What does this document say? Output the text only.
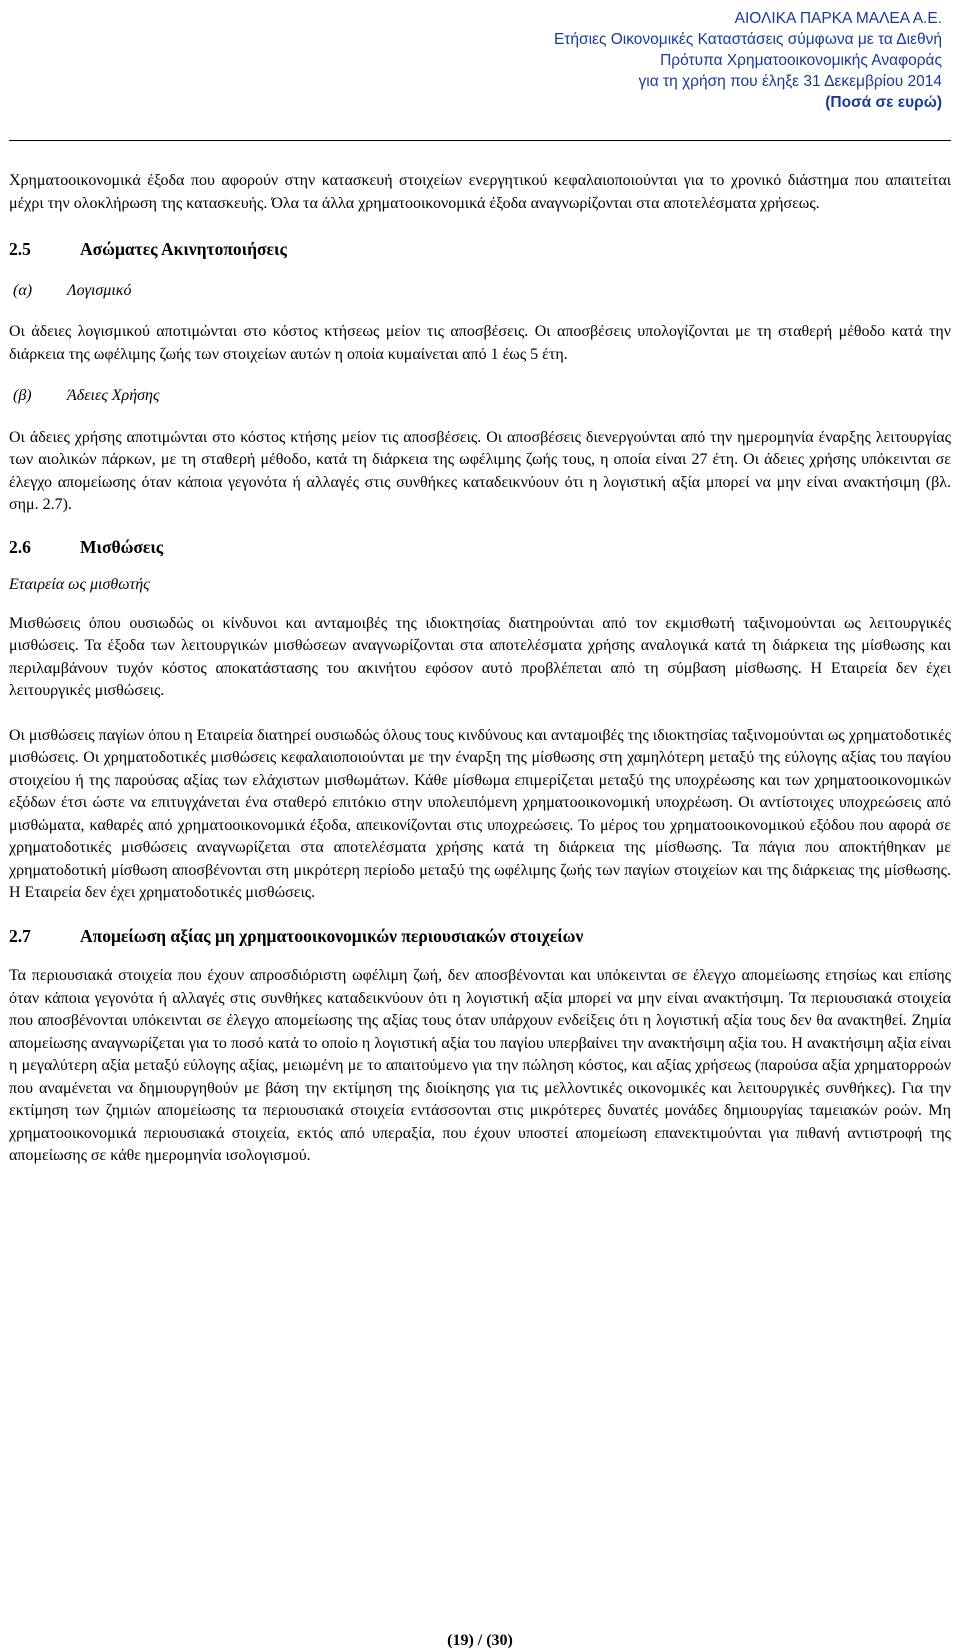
ΑΙΟΛΙΚΑ ΠΑΡΚΑ ΜΑΛΕΑ Α.Ε.
Ετήσιες Οικονομικές Καταστάσεις σύμφωνα με τα Διεθνή
Πρότυπα Χρηματοοικονομικής Αναφοράς
για τη χρήση που έληξε 31 Δεκεμβρίου 2014
(Ποσά σε ευρώ)

Χρηματοοικονομικά έξοδα που αφορούν στην κατασκευή στοιχείων ενεργητικού κεφαλαιοποιούνται για το χρονικό διάστημα που απαιτείται μέχρι την ολοκλήρωση της κατασκευής. Όλα τα άλλα χρηματοοικονομικά έξοδα αναγνωρίζονται στα αποτελέσματα χρήσεως.

2.5	Ασώματες Ακινητοποιήσεις

(α) Λογισμικό

Οι άδειες λογισμικού αποτιμώνται στο κόστος κτήσεως μείον τις αποσβέσεις. Οι αποσβέσεις υπολογίζονται με τη σταθερή μέθοδο κατά την διάρκεια της ωφέλιμης ζωής των στοιχείων αυτών η οποία κυμαίνεται από 1 έως 5 έτη.

(β) Άδειες Χρήσης

Οι άδειες χρήσης αποτιμώνται στο κόστος κτήσης μείον τις αποσβέσεις. Οι αποσβέσεις διενεργούνται από την ημερομηνία έναρξης λειτουργίας των αιολικών πάρκων, με τη σταθερή μέθοδο, κατά τη διάρκεια της ωφέλιμης ζωής τους, η οποία είναι 27 έτη. Οι άδειες χρήσης υπόκεινται σε έλεγχο απομείωσης όταν κάποια γεγονότα ή αλλαγές στις συνθήκες καταδεικνύουν ότι η λογιστική αξία μπορεί να μην είναι ανακτήσιμη (βλ. σημ. 2.7).

2.6	Μισθώσεις

Εταιρεία ως μισθωτής

Μισθώσεις όπου ουσιωδώς οι κίνδυνοι και ανταμοιβές της ιδιοκτησίας διατηρούνται από τον εκμισθωτή ταξινομούνται ως λειτουργικές μισθώσεις. Τα έξοδα των λειτουργικών μισθώσεων αναγνωρίζονται στα αποτελέσματα χρήσης αναλογικά κατά τη διάρκεια της μίσθωσης και περιλαμβάνουν τυχόν κόστος αποκατάστασης του ακινήτου εφόσον αυτό προβλέπεται από τη σύμβαση μίσθωσης. Η Εταιρεία δεν έχει λειτουργικές μισθώσεις.

Οι μισθώσεις παγίων όπου η Εταιρεία διατηρεί ουσιωδώς όλους τους κινδύνους και ανταμοιβές της ιδιοκτησίας ταξινομούνται ως χρηματοδοτικές μισθώσεις. Οι χρηματοδοτικές μισθώσεις κεφαλαιοποιούνται με την έναρξη της μίσθωσης στη χαμηλότερη μεταξύ της εύλογης αξίας του παγίου στοιχείου ή της παρούσας αξίας των ελάχιστων μισθωμάτων. Κάθε μίσθωμα επιμερίζεται μεταξύ της υποχρέωσης και των χρηματοοικονομικών εξόδων έτσι ώστε να επιτυγχάνεται ένα σταθερό επιτόκιο στην υπολειπόμενη χρηματοοικονομική υποχρέωση. Οι αντίστοιχες υποχρεώσεις από μισθώματα, καθαρές από χρηματοοικονομικά έξοδα, απεικονίζονται στις υποχρεώσεις. Το μέρος του χρηματοοικονομικού εξόδου που αφορά σε χρηματοδοτικές μισθώσεις αναγνωρίζεται στα αποτελέσματα χρήσης κατά τη διάρκεια της μίσθωσης. Τα πάγια που αποκτήθηκαν με χρηματοδοτική μίσθωση αποσβένονται στη μικρότερη περίοδο μεταξύ της ωφέλιμης ζωής των παγίων στοιχείων και της διάρκειας της μίσθωσης. Η Εταιρεία δεν έχει χρηματοδοτικές μισθώσεις.

2.7	Απομείωση αξίας μη χρηματοοικονομικών περιουσιακών στοιχείων

Τα περιουσιακά στοιχεία που έχουν απροσδιόριστη ωφέλιμη ζωή, δεν αποσβένονται και υπόκεινται σε έλεγχο απομείωσης ετησίως και επίσης όταν κάποια γεγονότα ή αλλαγές στις συνθήκες καταδεικνύουν ότι η λογιστική αξία μπορεί να μην είναι ανακτήσιμη. Τα περιουσιακά στοιχεία που αποσβένονται υπόκεινται σε έλεγχο απομείωσης της αξίας τους όταν υπάρχουν ενδείξεις ότι η λογιστική αξία τους δεν θα ανακτηθεί. Ζημία απομείωσης αναγνωρίζεται για το ποσό κατά το οποίο η λογιστική αξία του παγίου υπερβαίνει την ανακτήσιμη αξία του. Η ανακτήσιμη αξία είναι η μεγαλύτερη αξία μεταξύ εύλογης αξίας, μειωμένη με το απαιτούμενο για την πώληση κόστος, και αξίας χρήσεως (παρούσα αξία χρηματορροών που αναμένεται να δημιουργηθούν με βάση την εκτίμηση της διοίκησης για τις μελλοντικές οικονομικές και λειτουργικές συνθήκες). Για την εκτίμηση των ζημιών απομείωσης τα περιουσιακά στοιχεία εντάσσονται στις μικρότερες δυνατές μονάδες δημιουργίας ταμειακών ροών. Μη χρηματοοικονομικά περιουσιακά στοιχεία, εκτός από υπεραξία, που έχουν υποστεί απομείωση επανεκτιμούνται για πιθανή αντιστροφή της απομείωσης σε κάθε ημερομηνία ισολογισμού.

(19) / (30)
